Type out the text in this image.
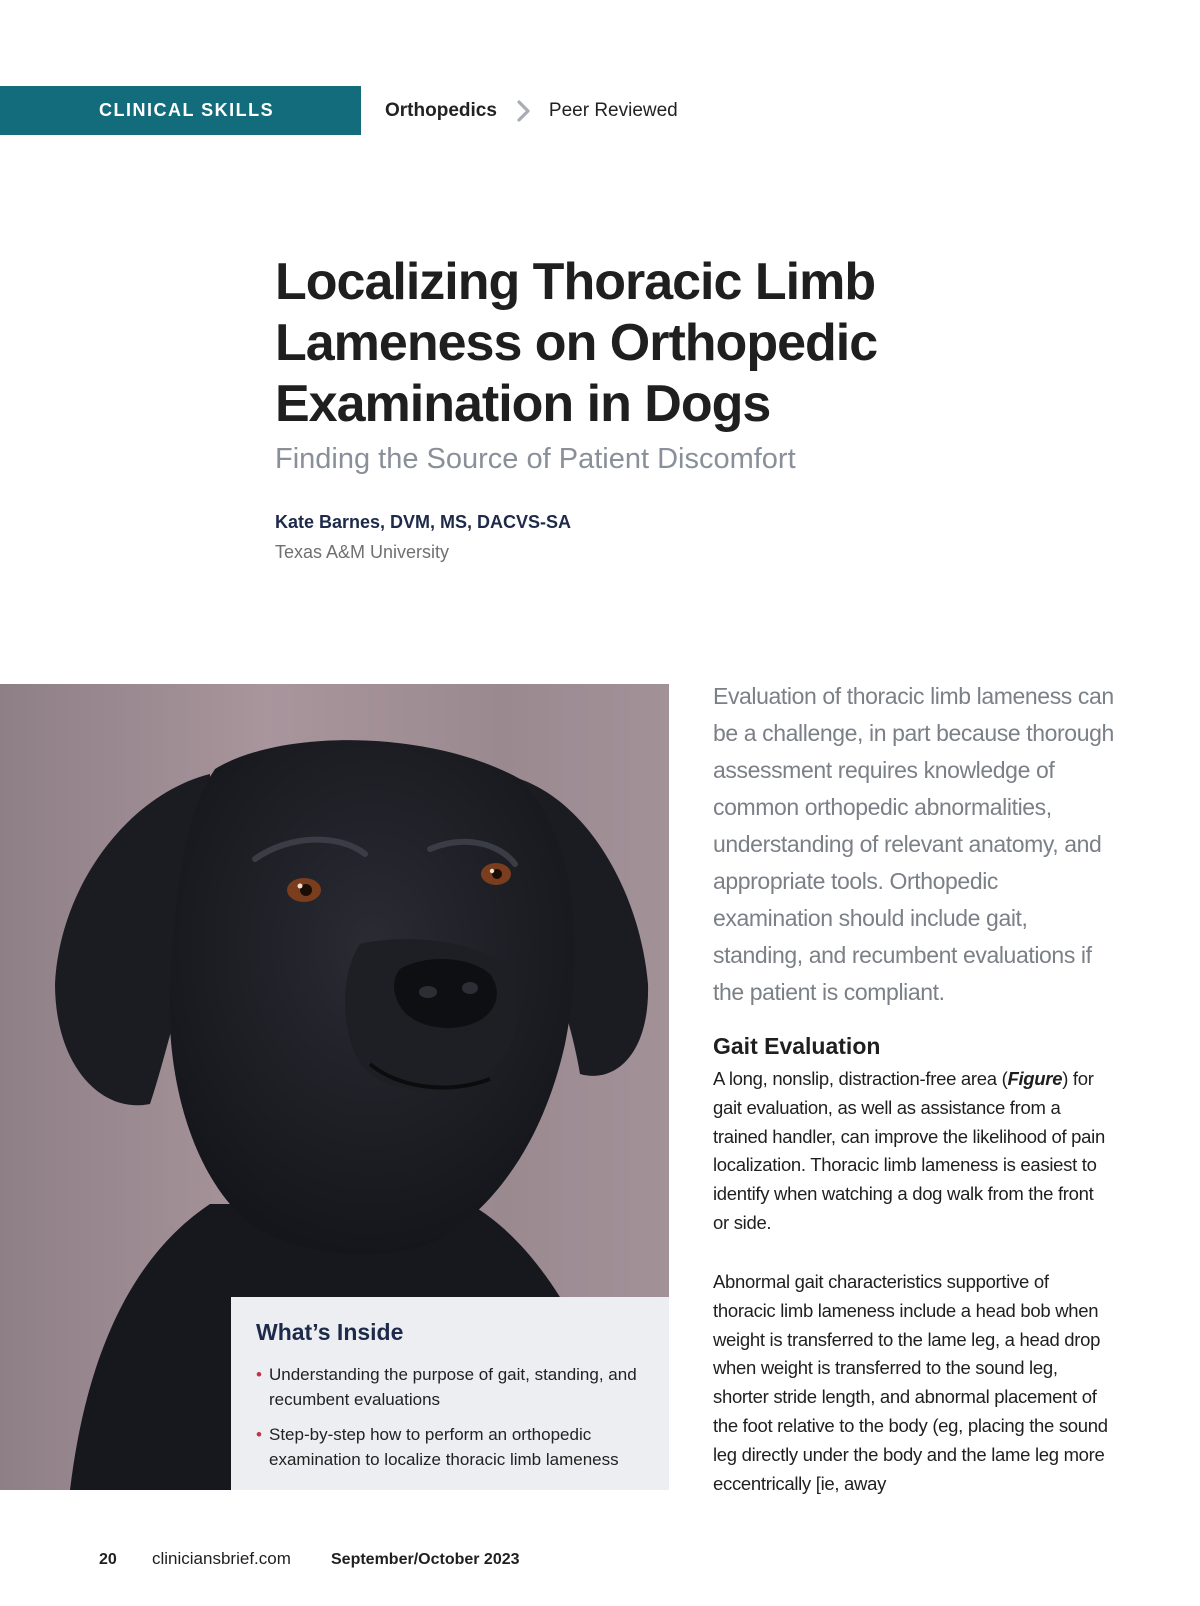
CLINICAL SKILLS	Orthopedics	Peer Reviewed
Localizing Thoracic Limb Lameness on Orthopedic Examination in Dogs
Finding the Source of Patient Discomfort
Kate Barnes, DVM, MS, DACVS-SA
Texas A&M University
What’s Inside
• Understanding the purpose of gait, standing, and recumbent evaluations
• Step-by-step how to perform an orthopedic examination to localize thoracic limb lameness

Evaluation of thoracic limb lameness can be a challenge, in part because thorough assessment requires knowledge of common orthopedic abnormalities, understanding of relevant anatomy, and appropriate tools. Orthopedic examination should include gait, standing, and recumbent evaluations if the patient is compliant.

Gait Evaluation

A long, nonslip, distraction-free area (Figure) for gait evaluation, as well as assistance from a trained handler, can improve the likelihood of pain localization. Thoracic limb lameness is easiest to identify when watching a dog walk from the front or side.

Abnormal gait characteristics supportive of thoracic limb lameness include a head bob when weight is transferred to the lame leg, a head drop when weight is transferred to the sound leg, shorter stride length, and abnormal placement of the foot relative to the body (eg, placing the sound leg directly under the body and the lame leg more eccentrically [ie, away

20	cliniciansbrief.com	September/October 2023
